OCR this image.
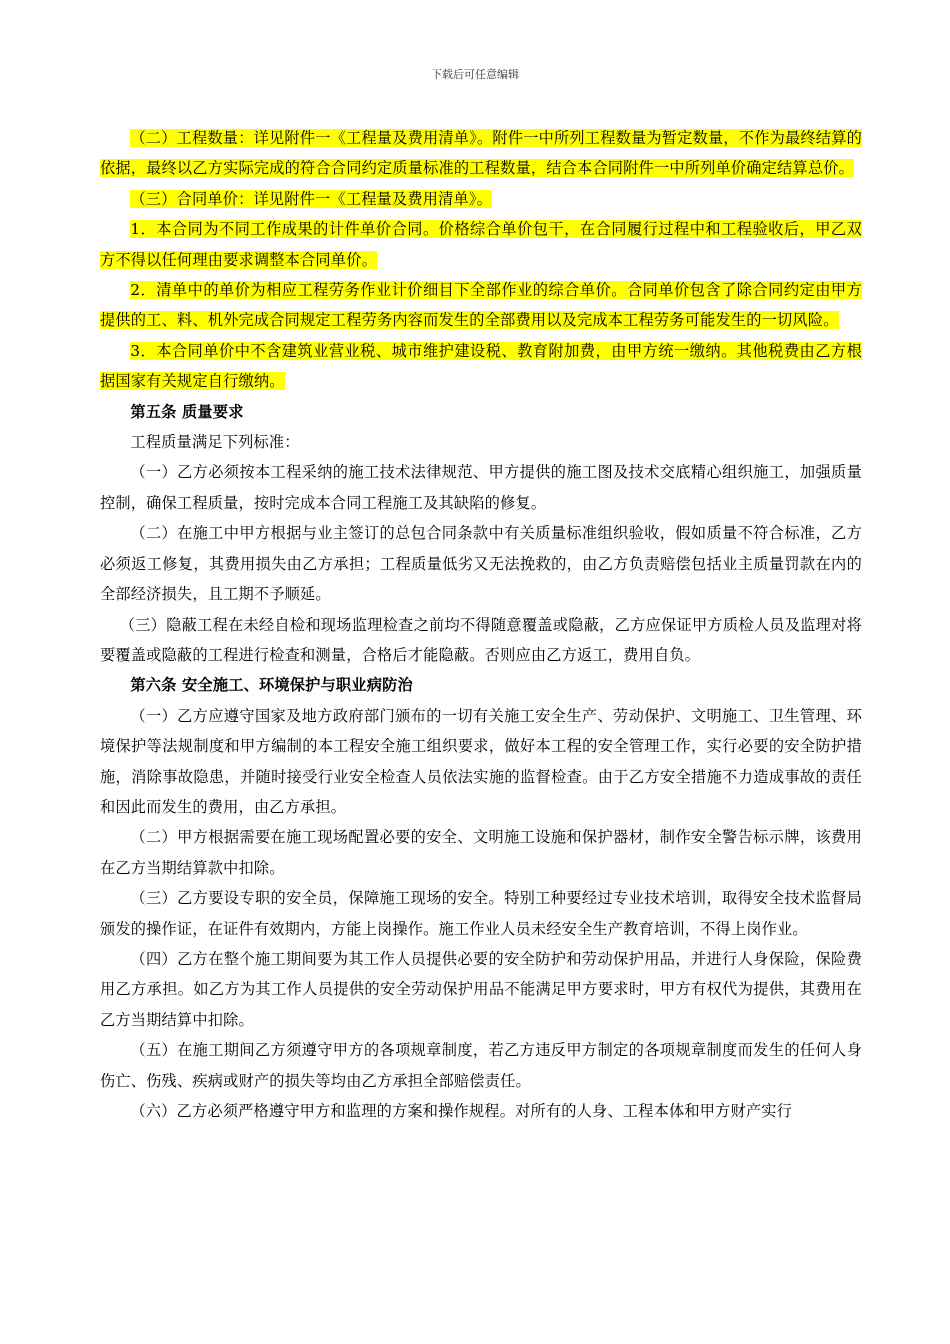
下载后可任意编辑

（二）工程数量：详见附件一《工程量及费用清单》。附件一中所列工程数量为暂定数量，不作为最终结算的依据，最终以乙方实际完成的符合合同约定质量标准的工程数量，结合本合同附件一中所列单价确定结算总价。

（三）合同单价：详见附件一《工程量及费用清单》。

1．本合同为不同工作成果的计件单价合同。价格综合单价包干，在合同履行过程中和工程验收后，甲乙双方不得以任何理由要求调整本合同单价。

2．清单中的单价为相应工程劳务作业计价细目下全部作业的综合单价。合同单价包含了除合同约定由甲方提供的工、料、机外完成合同规定工程劳务内容而发生的全部费用以及完成本工程劳务可能发生的一切风险。

3．本合同单价中不含建筑业营业税、城市维护建设税、教育附加费，由甲方统一缴纳。其他税费由乙方根据国家有关规定自行缴纳。

第五条 质量要求

工程质量满足下列标准：

（一）乙方必须按本工程采纳的施工技术法律规范、甲方提供的施工图及技术交底精心组织施工，加强质量控制，确保工程质量，按时完成本合同工程施工及其缺陷的修复。

（二）在施工中甲方根据与业主签订的总包合同条款中有关质量标准组织验收，假如质量不符合标准，乙方必须返工修复，其费用损失由乙方承担；工程质量低劣又无法挽救的，由乙方负责赔偿包括业主质量罚款在内的全部经济损失，且工期不予顺延。

（三）隐蔽工程在未经自检和现场监理检查之前均不得随意覆盖或隐蔽，乙方应保证甲方质检人员及监理对将要覆盖或隐蔽的工程进行检查和测量，合格后才能隐蔽。否则应由乙方返工，费用自负。

第六条 安全施工、环境保护与职业病防治

（一）乙方应遵守国家及地方政府部门颁布的一切有关施工安全生产、劳动保护、文明施工、卫生管理、环境保护等法规制度和甲方编制的本工程安全施工组织要求，做好本工程的安全管理工作，实行必要的安全防护措施，消除事故隐患，并随时接受行业安全检查人员依法实施的监督检查。由于乙方安全措施不力造成事故的责任和因此而发生的费用，由乙方承担。

（二）甲方根据需要在施工现场配置必要的安全、文明施工设施和保护器材，制作安全警告标示牌，该费用在乙方当期结算款中扣除。

（三）乙方要设专职的安全员，保障施工现场的安全。特别工种要经过专业技术培训，取得安全技术监督局颁发的操作证，在证件有效期内，方能上岗操作。施工作业人员未经安全生产教育培训，不得上岗作业。

（四）乙方在整个施工期间要为其工作人员提供必要的安全防护和劳动保护用品，并进行人身保险，保险费用乙方承担。如乙方为其工作人员提供的安全劳动保护用品不能满足甲方要求时，甲方有权代为提供，其费用在乙方当期结算中扣除。

（五）在施工期间乙方须遵守甲方的各项规章制度，若乙方违反甲方制定的各项规章制度而发生的任何人身伤亡、伤残、疾病或财产的损失等均由乙方承担全部赔偿责任。

（六）乙方必须严格遵守甲方和监理的方案和操作规程。对所有的人身、工程本体和甲方财产实行
